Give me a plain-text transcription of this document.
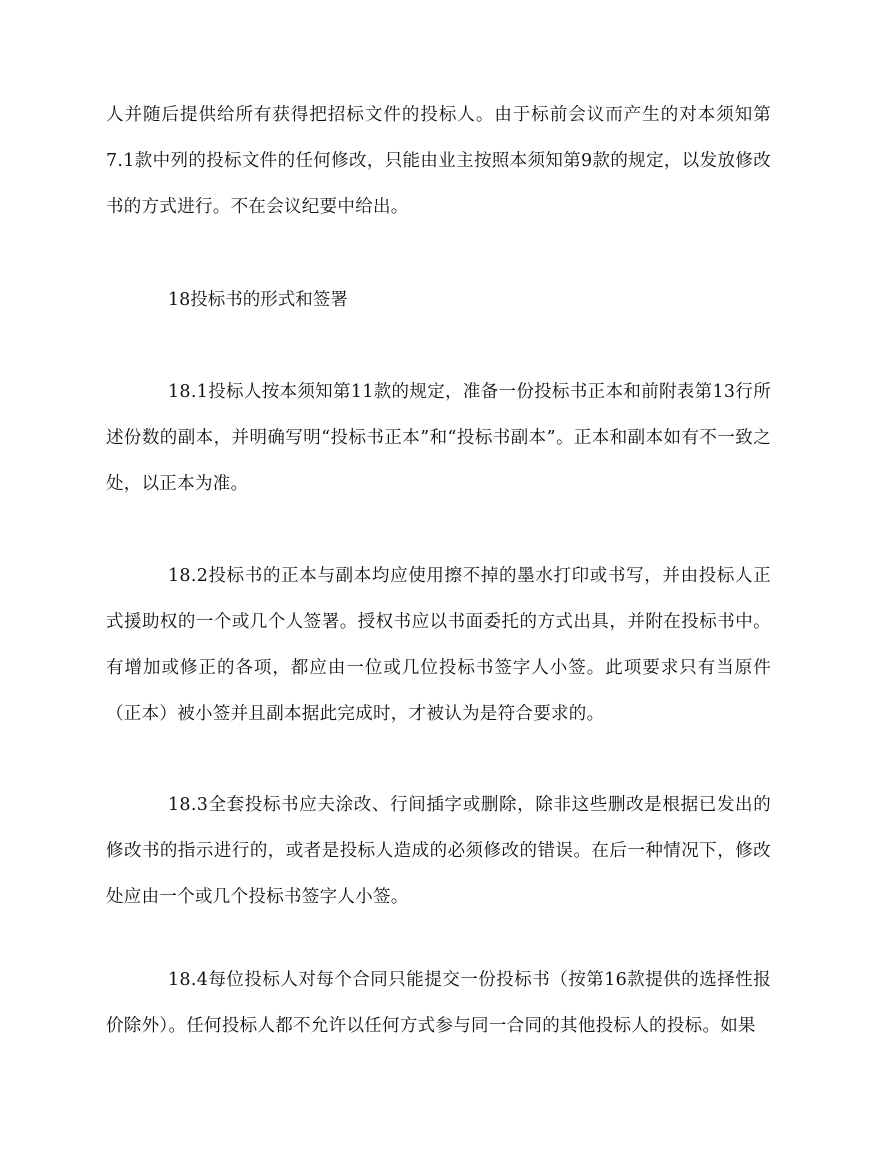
人并随后提供给所有获得把招标文件的投标人。由于标前会议而产生的对本须知第7.1款中列的投标文件的任何修改，只能由业主按照本须知第9款的规定，以发放修改书的方式进行。不在会议纪要中给出。

18投标书的形式和签署

18.1投标人按本须知第11款的规定，准备一份投标书正本和前附表第13行所述份数的副本，并明确写明“投标书正本”和“投标书副本”。正本和副本如有不一致之处，以正本为准。

18.2投标书的正本与副本均应使用擦不掉的墨水打印或书写，并由投标人正式援助权的一个或几个人签署。授权书应以书面委托的方式出具，并附在投标书中。有增加或修正的各项，都应由一位或几位投标书签字人小签。此项要求只有当原件（正本）被小签并且副本据此完成时，才被认为是符合要求的。

18.3全套投标书应夫涂改、行间插字或删除，除非这些删改是根据已发出的修改书的指示进行的，或者是投标人造成的必须修改的错误。在后一种情况下，修改处应由一个或几个投标书签字人小签。

18.4每位投标人对每个合同只能提交一份投标书（按第16款提供的选择性报价除外）。任何投标人都不允许以任何方式参与同一合同的其他投标人的投标。如果
